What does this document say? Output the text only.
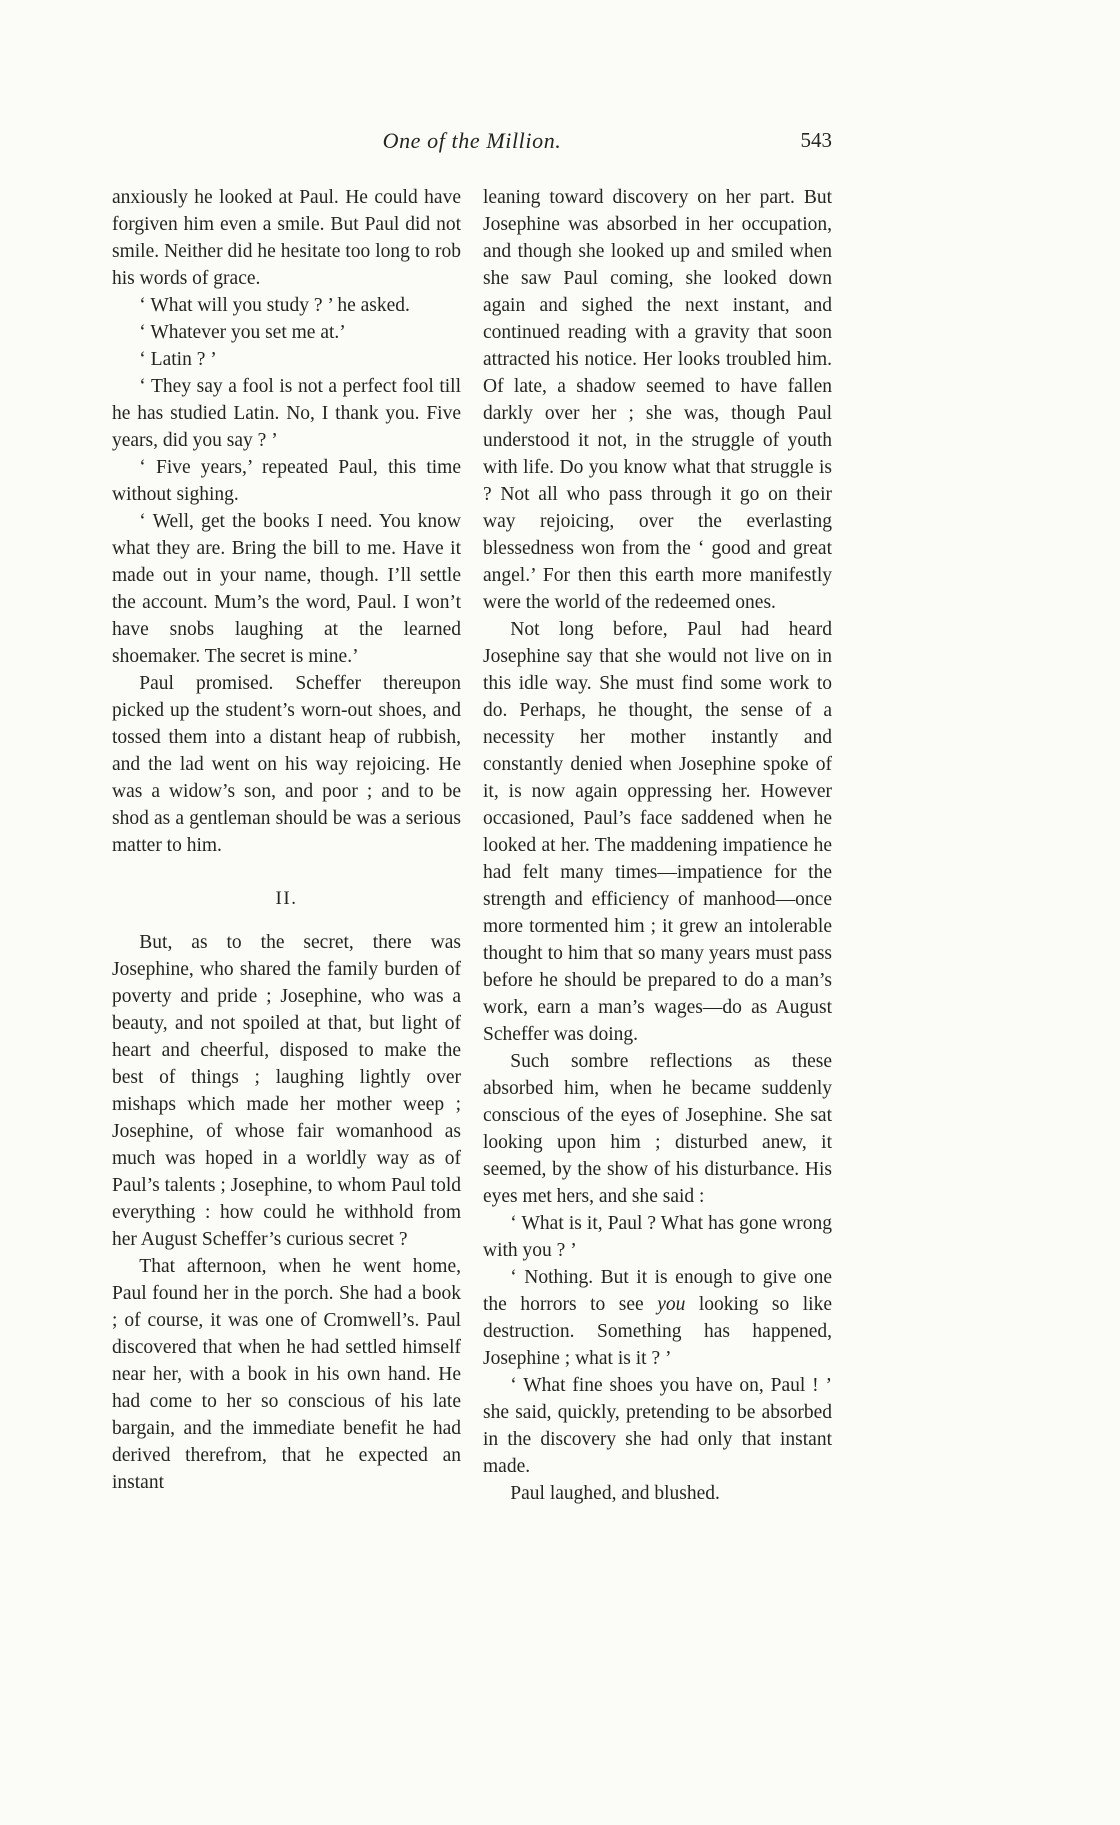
One of the Million.	543

anxiously he looked at Paul. He could have forgiven him even a smile. But Paul did not smile. Neither did he hesitate too long to rob his words of grace.

‘ What will you study ? ’ he asked.

‘ Whatever you set me at.’

‘ Latin ? ’

‘ They say a fool is not a perfect fool till he has studied Latin. No, I thank you. Five years, did you say ? ’

‘ Five years,’ repeated Paul, this time without sighing.

‘ Well, get the books I need. You know what they are. Bring the bill to me. Have it made out in your name, though. I’ll settle the account. Mum’s the word, Paul. I won’t have snobs laughing at the learned shoemaker. The secret is mine.’

Paul promised. Scheffer thereupon picked up the student’s worn-out shoes, and tossed them into a distant heap of rubbish, and the lad went on his way rejoicing. He was a widow’s son, and poor ; and to be shod as a gentleman should be was a serious matter to him.

II.

But, as to the secret, there was Josephine, who shared the family burden of poverty and pride ; Josephine, who was a beauty, and not spoiled at that, but light of heart and cheerful, disposed to make the best of things ; laughing lightly over mishaps which made her mother weep ; Josephine, of whose fair womanhood as much was hoped in a worldly way as of Paul’s talents ; Josephine, to whom Paul told everything : how could he withhold from her August Scheffer’s curious secret ?

That afternoon, when he went home, Paul found her in the porch. She had a book ; of course, it was one of Cromwell’s. Paul discovered that when he had settled himself near her, with a book in his own hand. He had come to her so conscious of his late bargain, and the immediate benefit he had derived therefrom, that he expected an instant

leaning toward discovery on her part. But Josephine was absorbed in her occupation, and though she looked up and smiled when she saw Paul coming, she looked down again and sighed the next instant, and continued reading with a gravity that soon attracted his notice. Her looks troubled him. Of late, a shadow seemed to have fallen darkly over her ; she was, though Paul understood it not, in the struggle of youth with life. Do you know what that struggle is ? Not all who pass through it go on their way rejoicing, over the everlasting blessedness won from the ‘ good and great angel.’ For then this earth more manifestly were the world of the redeemed ones.

Not long before, Paul had heard Josephine say that she would not live on in this idle way. She must find some work to do. Perhaps, he thought, the sense of a necessity her mother instantly and constantly denied when Josephine spoke of it, is now again oppressing her. However occasioned, Paul’s face saddened when he looked at her. The maddening impatience he had felt many times—impatience for the strength and efficiency of manhood—once more tormented him ; it grew an intolerable thought to him that so many years must pass before he should be prepared to do a man’s work, earn a man’s wages—do as August Scheffer was doing.

Such sombre reflections as these absorbed him, when he became suddenly conscious of the eyes of Josephine. She sat looking upon him ; disturbed anew, it seemed, by the show of his disturbance. His eyes met hers, and she said :

‘ What is it, Paul ? What has gone wrong with you ? ’

‘ Nothing. But it is enough to give one the horrors to see you looking so like destruction. Something has happened, Josephine ; what is it ? ’

‘ What fine shoes you have on, Paul ! ’ she said, quickly, pretending to be absorbed in the discovery she had only that instant made.

Paul laughed, and blushed.
